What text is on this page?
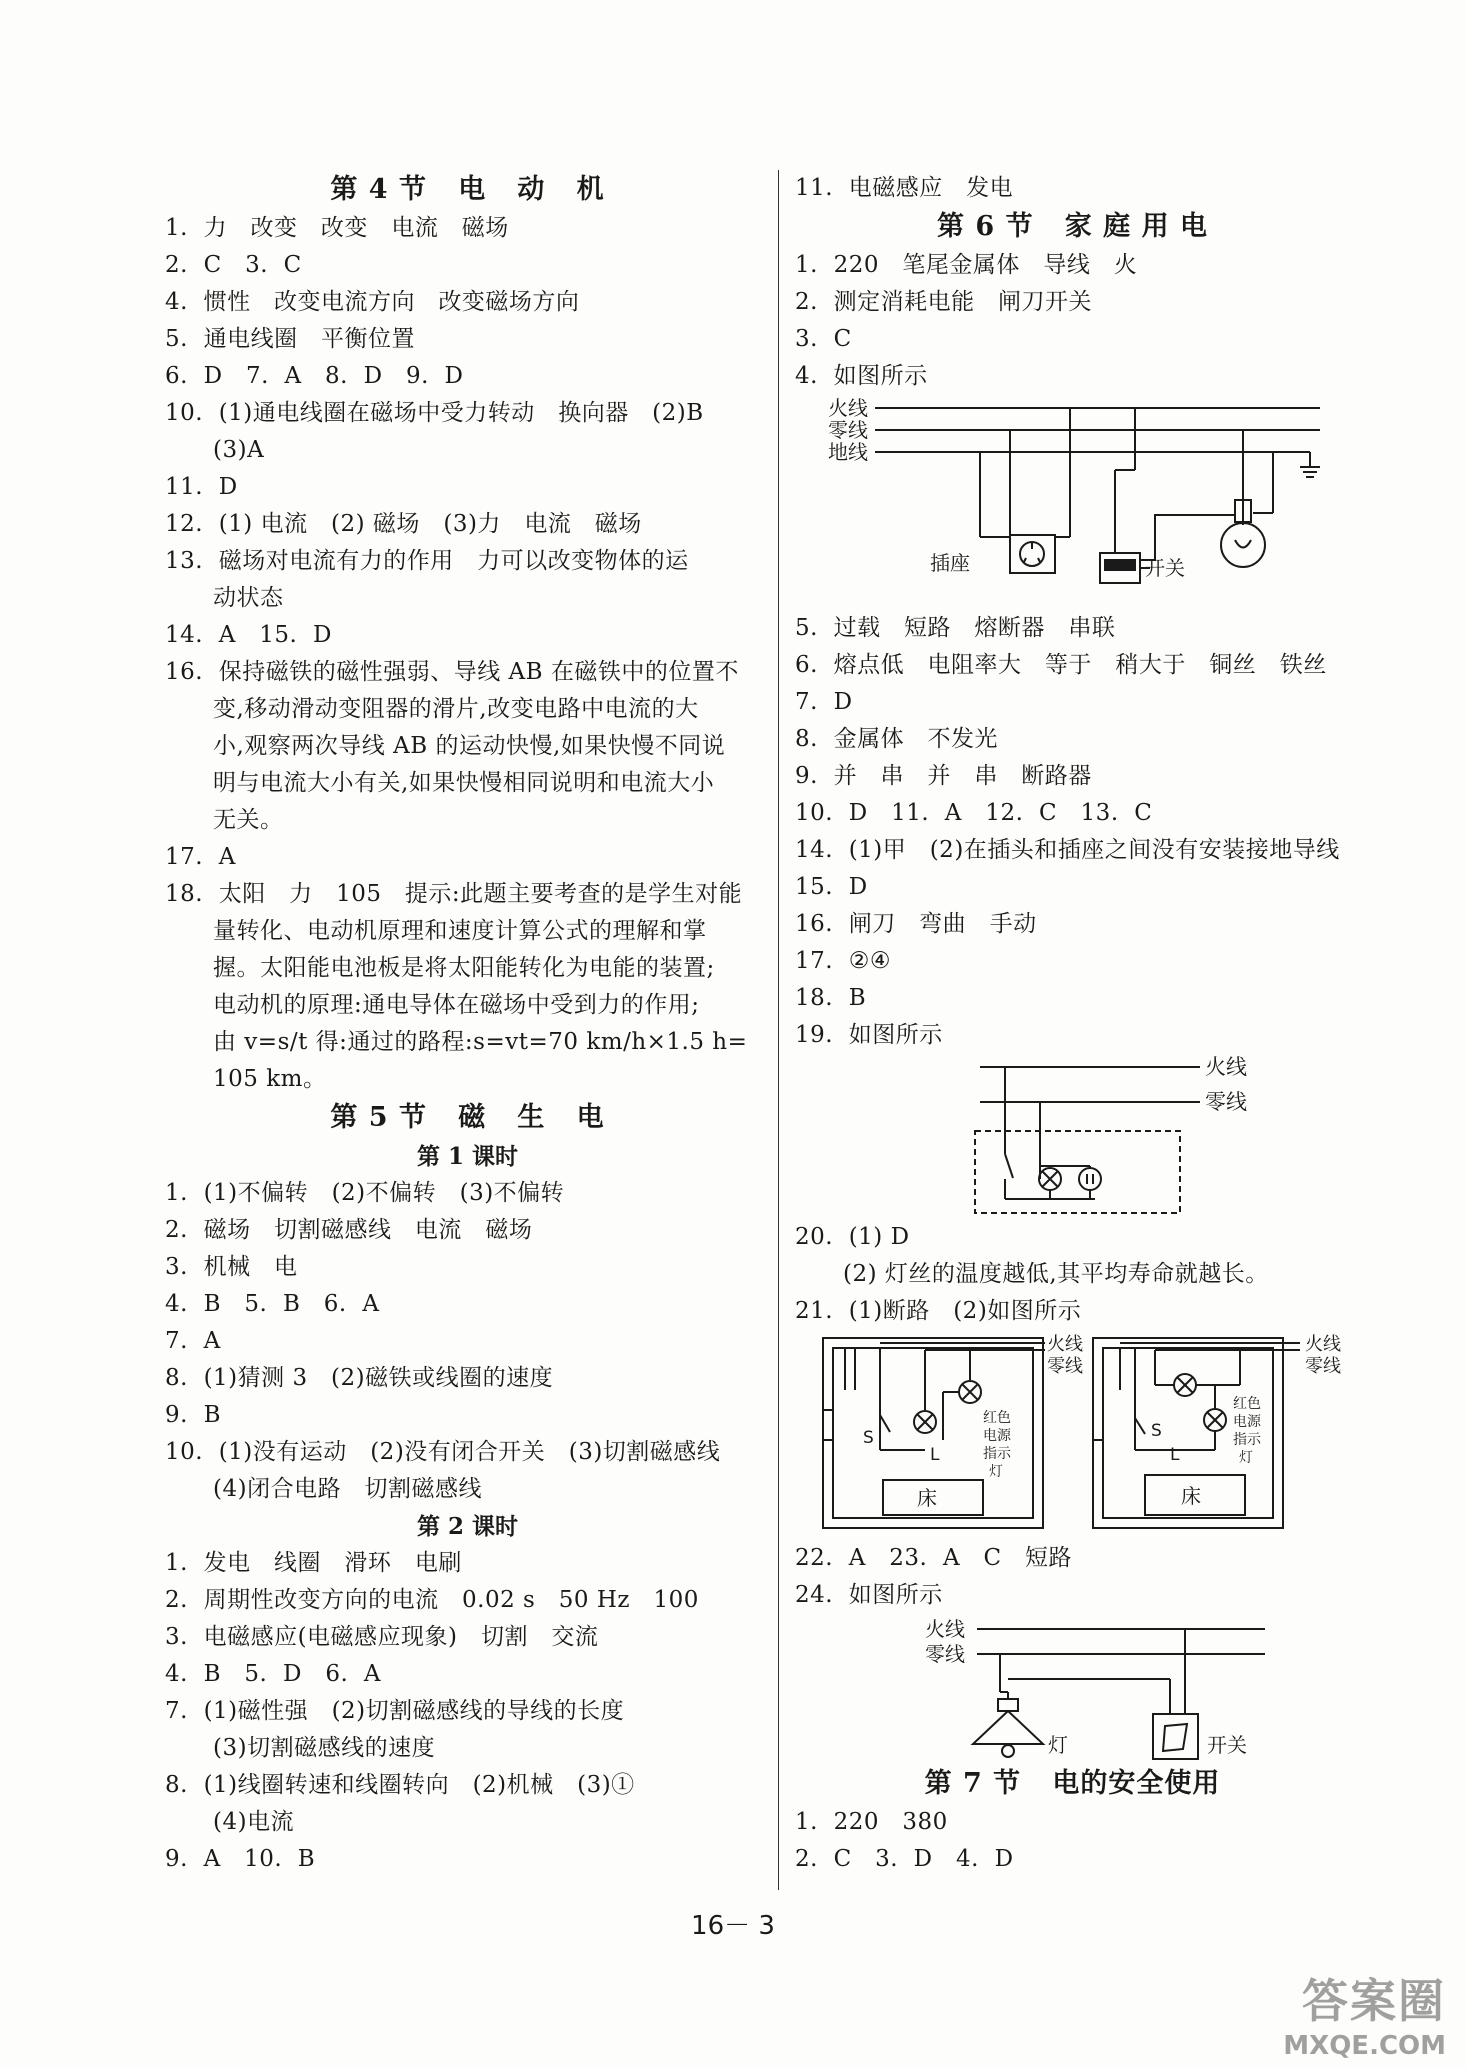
第 4 节   电   动   机
1.  力   改变   改变   电流   磁场
2.  C   3.  C
4.  惯性   改变电流方向   改变磁场方向
5.  通电线圈   平衡位置
6.  D   7.  A   8.  D   9.  D
10.  (1)通电线圈在磁场中受力转动   换向器   (2)B
(3)A
11.  D
12.  (1) 电流   (2) 磁场   (3)力   电流   磁场
13.  磁场对电流有力的作用   力可以改变物体的运
动状态
14.  A   15.  D
16.  保持磁铁的磁性强弱、导线 AB 在磁铁中的位置不
变,移动滑动变阻器的滑片,改变电路中电流的大
小,观察两次导线 AB 的运动快慢,如果快慢不同说
明与电流大小有关,如果快慢相同说明和电流大小
无关。
17.  A
18.  太阳   力   105   提示:此题主要考查的是学生对能
量转化、电动机原理和速度计算公式的理解和掌
握。太阳能电池板是将太阳能转化为电能的装置;
电动机的原理:通电导体在磁场中受到力的作用;
由 v=s/t 得:通过的路程:s=vt=70 km/h×1.5 h=
105 km。
第 5 节   磁   生   电
第 1 课时
1.  (1)不偏转   (2)不偏转   (3)不偏转
2.  磁场   切割磁感线   电流   磁场
3.  机械   电
4.  B   5.  B   6.  A
7.  A
8.  (1)猜测 3   (2)磁铁或线圈的速度
9.  B
10.  (1)没有运动   (2)没有闭合开关   (3)切割磁感线
(4)闭合电路   切割磁感线
第 2 课时
1.  发电   线圈   滑环   电刷
2.  周期性改变方向的电流   0.02 s   50 Hz   100
3.  电磁感应(电磁感应现象)   切割   交流
4.  B   5.  D   6.  A
7.  (1)磁性强   (2)切割磁感线的导线的长度
(3)切割磁感线的速度
8.  (1)线圈转速和线圈转向   (2)机械   (3)①
(4)电流
9.  A   10.  B
11.  电磁感应   发电
第 6 节   家 庭 用 电
1.  220   笔尾金属体   导线   火
2.  测定消耗电能   闸刀开关
3.  C
4.  如图所示
火线
零线
地线
插座	开关
5.  过载   短路   熔断器   串联
6.  熔点低   电阻率大   等于   稍大于   铜丝   铁丝
7.  D
8.  金属体   不发光
9.  并   串   并   串   断路器
10.  D   11.  A   12.  C   13.  C
14.  (1)甲   (2)在插头和插座之间没有安装接地导线
15.  D
16.  闸刀   弯曲   手动
17.  ②④
18.  B
19.  如图所示
火线
零线
20.  (1) D
(2) 灯丝的温度越低,其平均寿命就越长。
21.  (1)断路   (2)如图所示
S
L
红色
电源
指示
灯
床
火线
零线
S
L
红色
电源
指示
灯
床
火线
零线
22.  A   23.  A   C   短路
24.  如图所示
火线
零线
灯	开关
第 7 节   电的安全使用
1.  220   380
2.  C   3.  D   4.  D
16－ 3
答案圈
MXQE.COM
